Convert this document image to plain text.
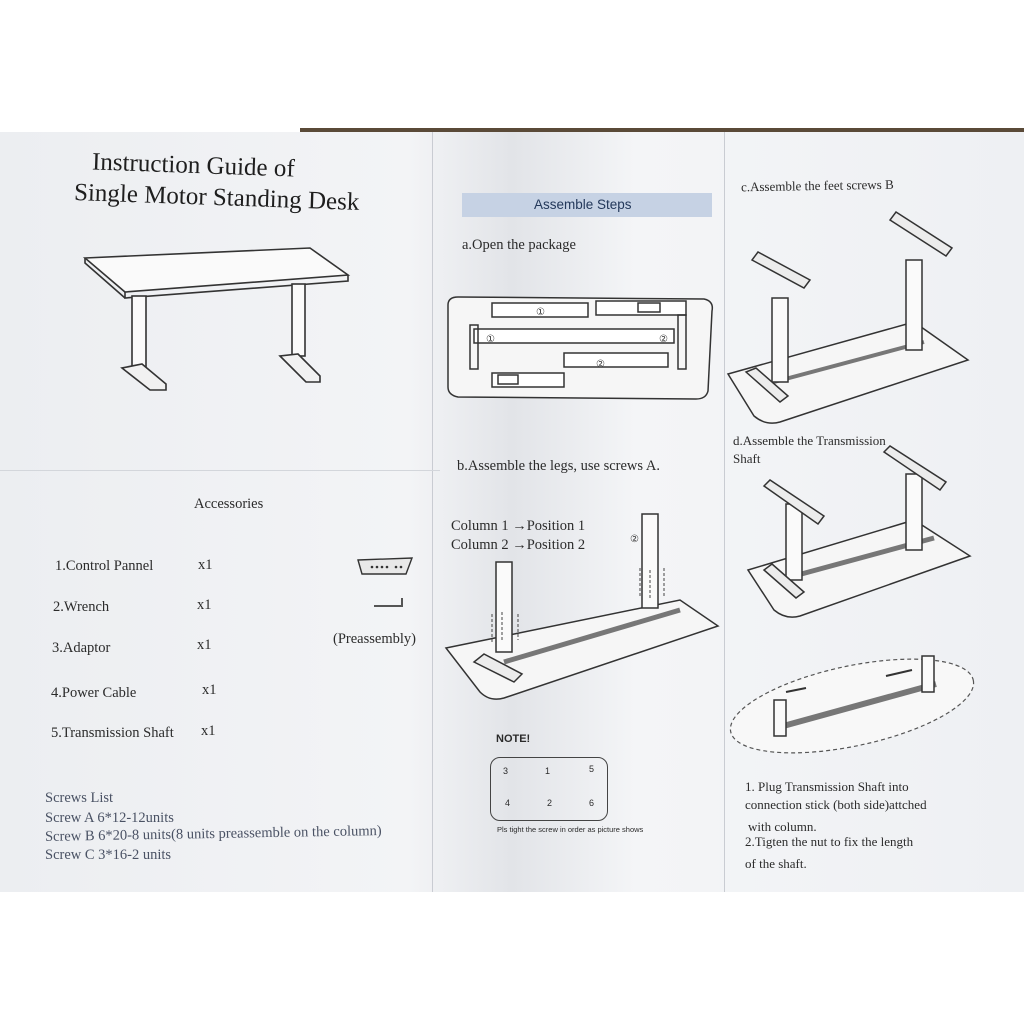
Instruction Guide of
Single Motor Standing Desk
Accessories
1.Control Pannel	x1
2.Wrench	x1
3.Adaptor	x1
4.Power Cable	x1
5.Transmission Shaft x1
(Preassembly)
Screws List
Screw A 6*12-12units
Screw B 6*20-8 units(8 units preassemble on the column)
Screw C 3*16-2 units
Assemble Steps
a.Open the package
①
②
①
②
b.Assemble the legs, use screws A.
Column 1 →Position 1
Column 2 →Position 2	②
NOTE!
3	1	5
4	2	6
Pls tight the screw in order as picture shows
c.Assemble the feet screws B
d.Assemble the Transmission
Shaft
1. Plug Transmission Shaft into
connection stick (both side)attched
with column.
2.Tigten the nut to fix the length
of the shaft.
